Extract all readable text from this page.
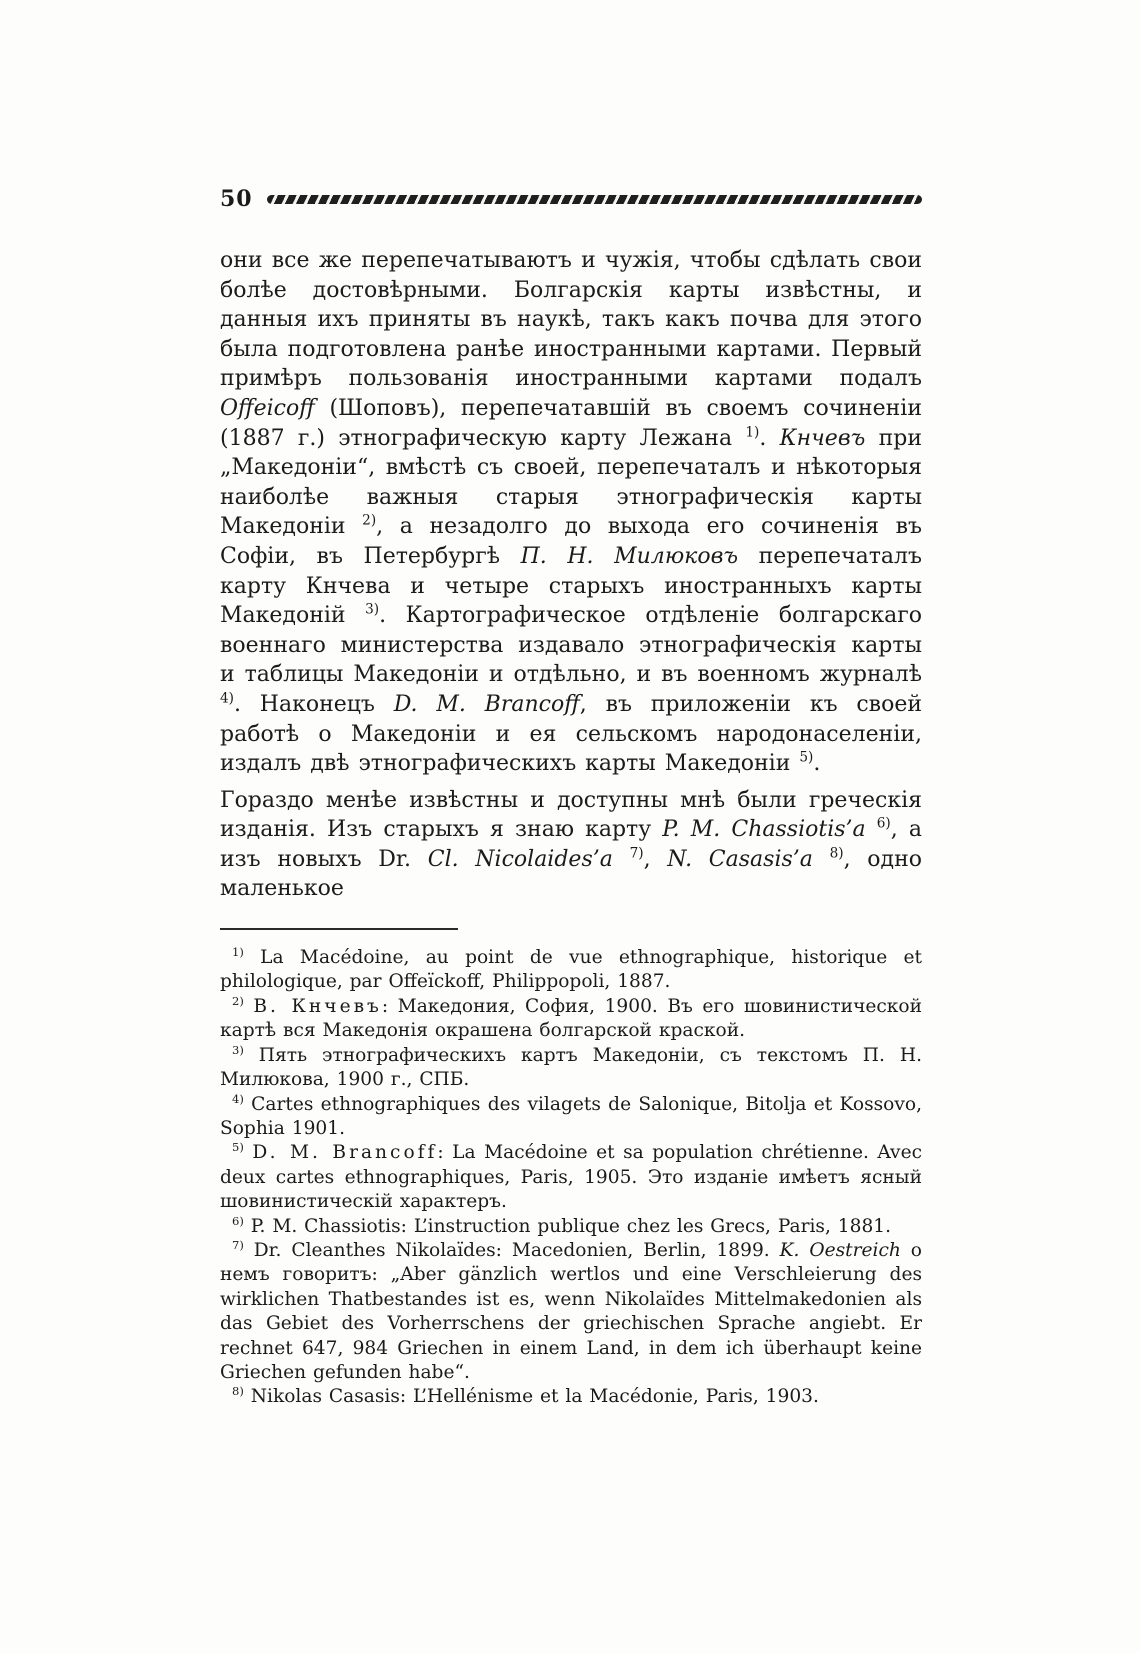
50

они все же перепечатываютъ и чужія, чтобы сдѣлать свои болѣе достовѣрными. Болгарскія карты извѣстны, и данныя ихъ приняты въ наукѣ, такъ какъ почва для этого была подготовлена ранѣе иностранными картами. Первый примѣръ пользованія иностранными картами подалъ Offeicoff (Шоповъ), перепечатавшій въ своемъ сочиненіи (1887 г.) этнографическую карту Лежана $^{1)}$. Кнчевъ при „Македоніи“, вмѣстѣ съ своей, перепечаталъ и нѣкоторыя наиболѣе важныя старыя этнографическія карты Македоніи $^{2)}$, а незадолго до выхода его сочиненія въ Софіи, въ Петербургѣ П. Н. Милюковъ перепечаталъ карту Кнчева и четыре старыхъ иностранныхъ карты Македоній $^{3)}$. Картографическое отдѣленіе болгарскаго военнаго министерства издавало этнографическія карты и таблицы Македоніи и отдѣльно, и въ военномъ журналѣ $^{4)}$. Наконецъ D. M. Brancoff, въ приложеніи къ своей работѣ о Македоніи и ея сельскомъ народонаселеніи, издалъ двѣ этнографическихъ карты Македоніи $^{5)}$.

Гораздо менѣе извѣстны и доступны мнѣ были греческія изданія. Изъ старыхъ я знаю карту P. M. Chassiotis’a $^{6)}$, а изъ новыхъ Dr. Cl. Nicolaides’a $^{7)}$, N. Casasis’a $^{8)}$, одно маленькое

$^{1)}$ La Macédoine, au point de vue ethnographique, historique et philologique, par Offeïckoff, Philippopoli, 1887.

$^{2)}$ В. Кнчевъ: Македония, София, 1900. Въ его шовинистической картѣ вся Македонія окрашена болгарской краской.

$^{3)}$ Пять этнографическихъ картъ Македоніи, съ текстомъ П. Н. Милюкова, 1900 г., СПБ.

$^{4)}$ Cartes ethnographiques des vilagets de Salonique, Bitolja et Kossovo, Sophia 1901.

$^{5)}$ D. M. Brancoff: La Macédoine et sa population chrétienne. Avec deux cartes ethnographiques, Paris, 1905. Это изданіе имѣетъ ясный шовинистическій характеръ.

$^{6)}$ P. M. Chassiotis: L’instruction publique chez les Grecs, Paris, 1881.

$^{7)}$ Dr. Cleanthes Nikolaïdes: Macedonien, Berlin, 1899. K. Oestreich о немъ говоритъ: „Aber gänzlich wertlos und eine Verschleierung des wirklichen Thatbestandes ist es, wenn Nikolaïdes Mittelmakedonien als das Gebiet des Vorherrschens der griechischen Sprache angiebt. Er rechnet 647, 984 Griechen in einem Land, in dem ich überhaupt keine Griechen gefunden habe“.

$^{8)}$ Nikolas Casasis: L’Hellénisme et la Macédonie, Paris, 1903.
